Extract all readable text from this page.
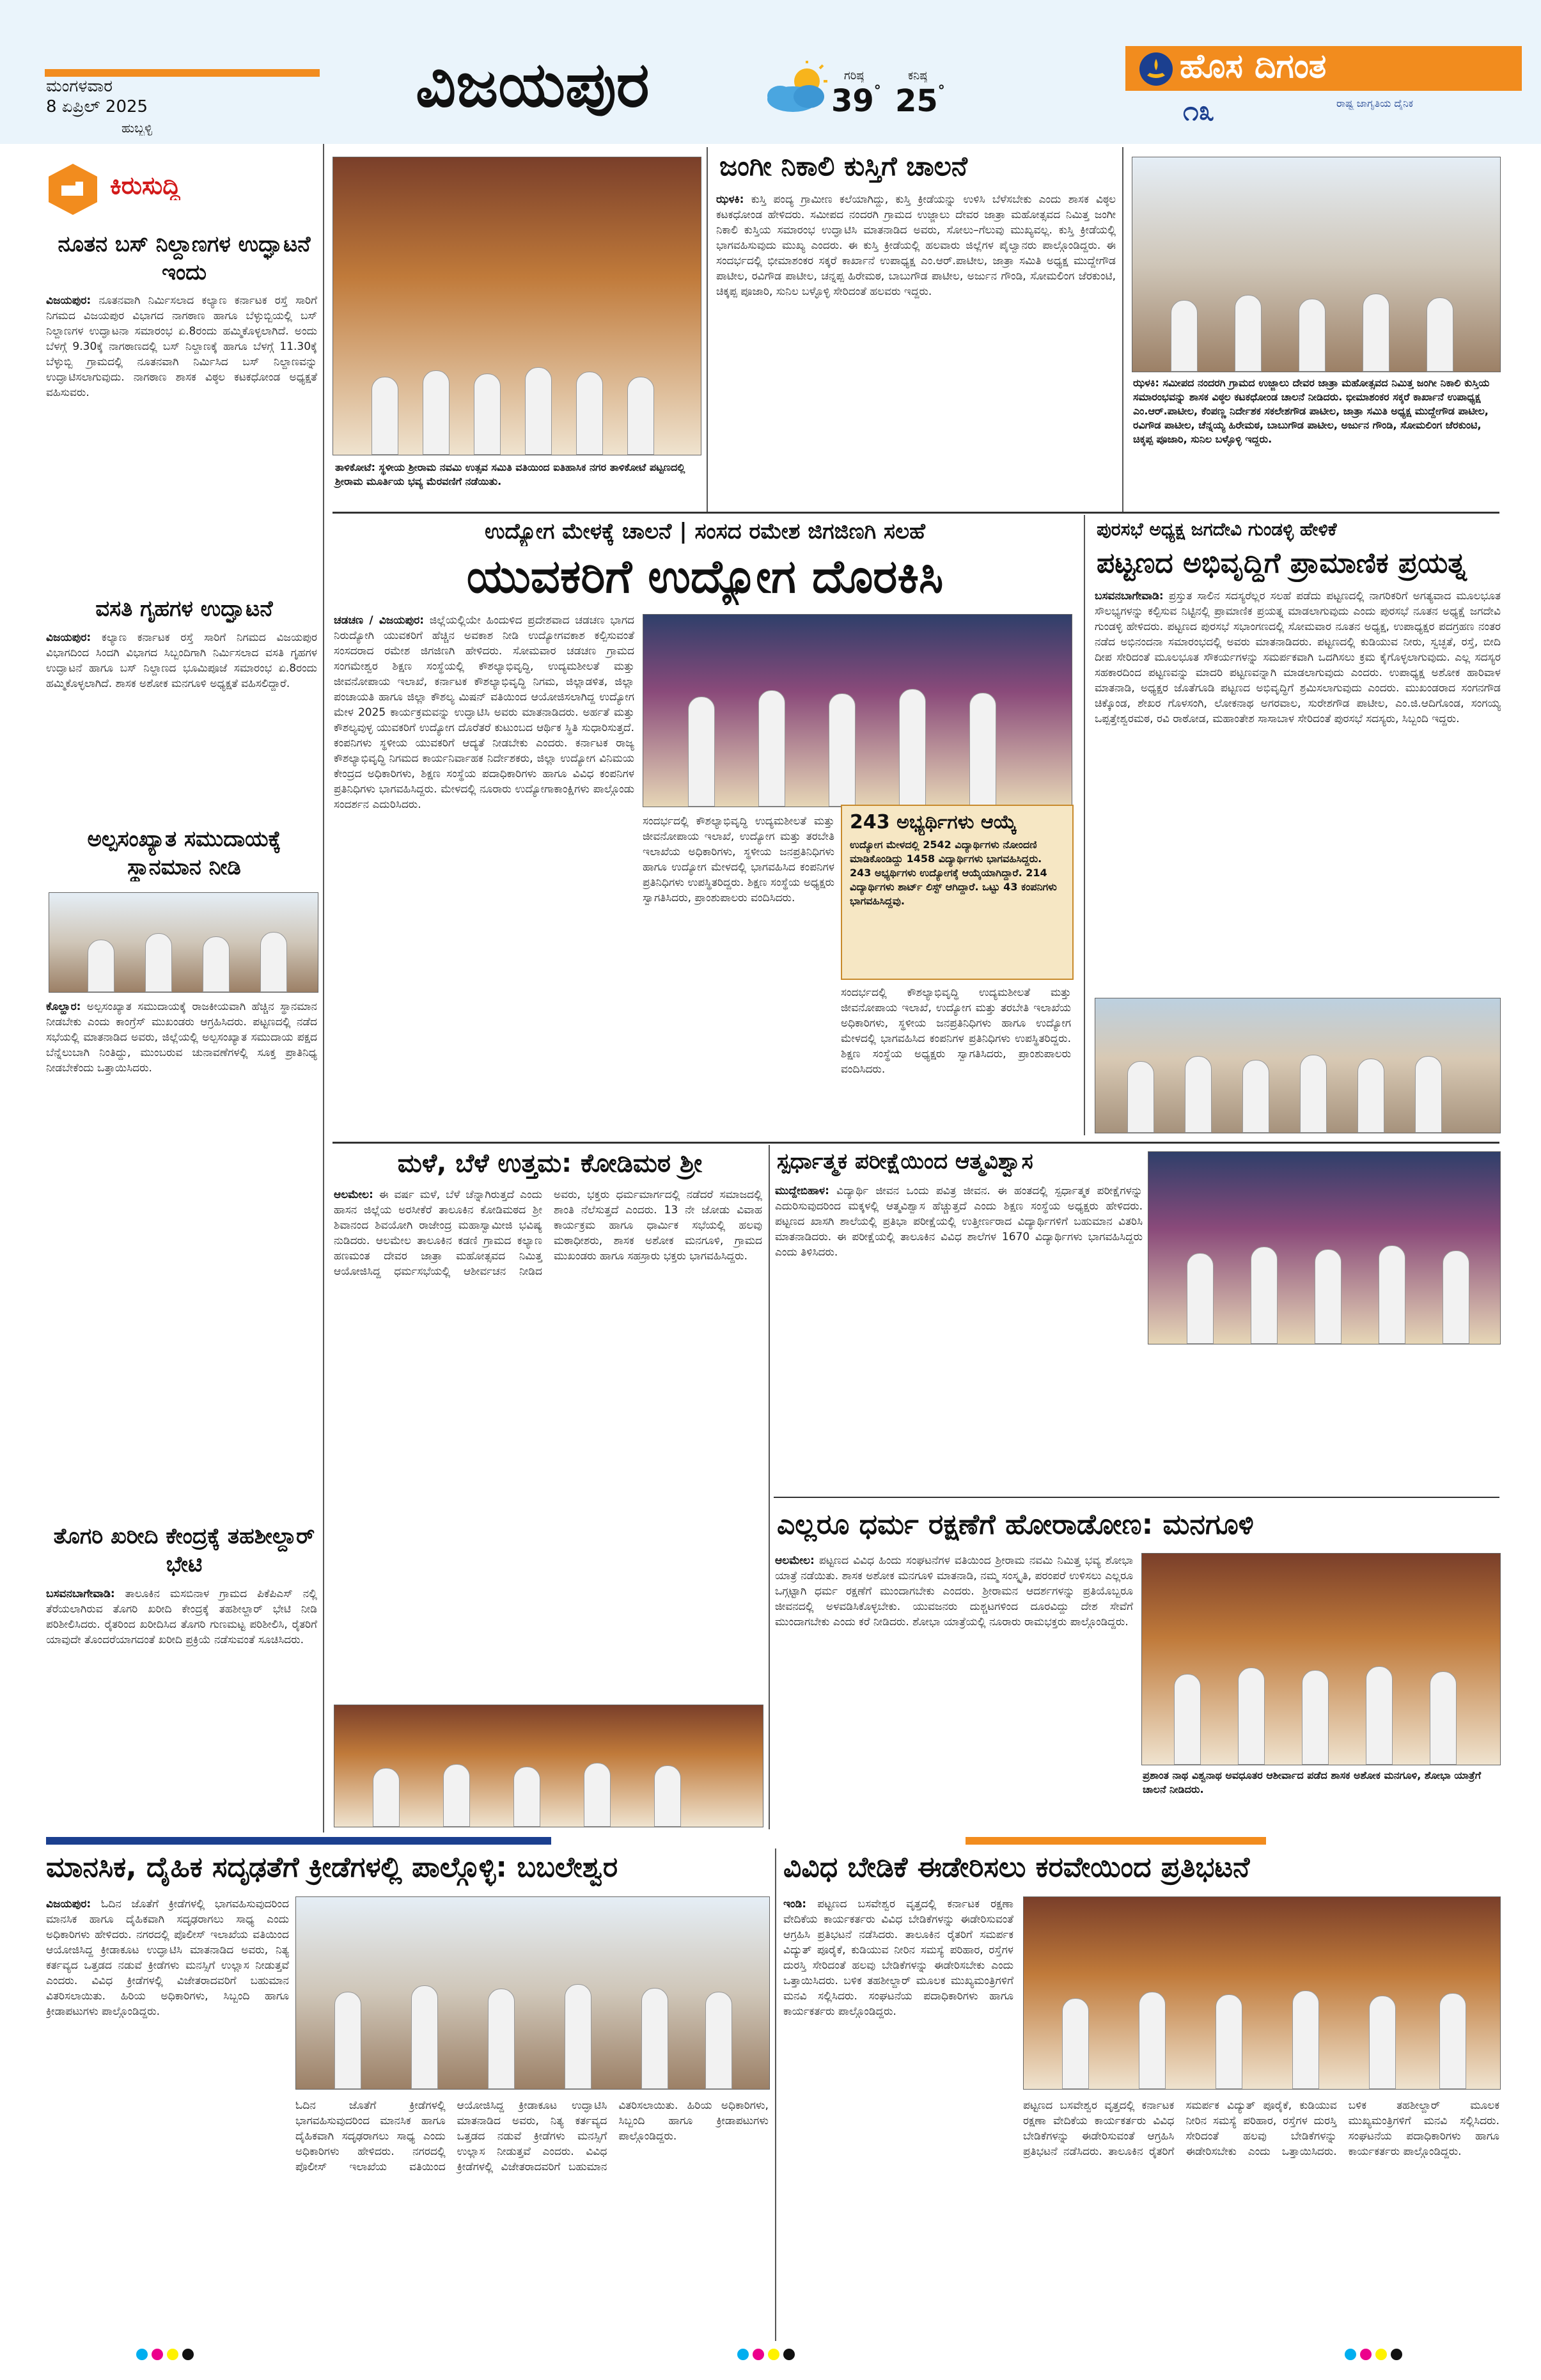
ಮಂಗಳವಾರ
8 ಏಪ್ರಿಲ್ 2025
ಹುಬ್ಬಳ್ಳಿ
ವಿಜಯಪುರ	ಗರಿಷ್ಠ
39°
ಕನಿಷ್ಠ
25°
ಹೊಸ ದಿಗಂತ
೧೩	ರಾಷ್ಟ್ರ ಜಾಗೃತಿಯ ದೈನಿಕ
ಕಿರುಸುದ್ದಿ
ನೂತನ ಬಸ್ ನಿಲ್ದಾಣಗಳ ಉದ್ಘಾಟನೆ ಇಂದು
ವಿಜಯಪುರ: ನೂತನವಾಗಿ ನಿರ್ಮಿಸಲಾದ ಕಲ್ಯಾಣ ಕರ್ನಾಟಕ ರಸ್ತೆ ಸಾರಿಗೆ ನಿಗಮದ ವಿಜಯಪುರ ವಿಭಾಗದ ನಾಗಠಾಣ ಹಾಗೂ ಬೆಳ್ಳುಬ್ಬಿಯಲ್ಲಿ ಬಸ್ ನಿಲ್ದಾಣಗಳ ಉದ್ಘಾಟನಾ ಸಮಾರಂಭ ಏ.8ರಂದು ಹಮ್ಮಿಕೊಳ್ಳಲಾಗಿದೆ. ಅಂದು ಬೆಳಗ್ಗೆ 9.30ಕ್ಕೆ ನಾಗಠಾಣದಲ್ಲಿ ಬಸ್ ನಿಲ್ದಾಣಕ್ಕೆ ಹಾಗೂ ಬೆಳಗ್ಗೆ 11.30ಕ್ಕೆ ಬೆಳ್ಳುಬ್ಬಿ ಗ್ರಾಮದಲ್ಲಿ ನೂತನವಾಗಿ ನಿರ್ಮಿಸಿದ ಬಸ್ ನಿಲ್ದಾಣವನ್ನು ಉದ್ಘಾಟಿಸಲಾಗುವುದು. ನಾಗಠಾಣ ಶಾಸಕ ವಿಠ್ಠಲ ಕಟಕಧೋಂಡ ಅಧ್ಯಕ್ಷತೆ ವಹಿಸುವರು.
ವಸತಿ ಗೃಹಗಳ ಉದ್ಘಾಟನೆ
ವಿಜಯಪುರ: ಕಲ್ಯಾಣ ಕರ್ನಾಟಕ ರಸ್ತೆ ಸಾರಿಗೆ ನಿಗಮದ ವಿಜಯಪುರ ವಿಭಾಗದಿಂದ ಸಿಂದಗಿ ವಿಭಾಗದ ಸಿಬ್ಬಂದಿಗಾಗಿ ನಿರ್ಮಿಸಲಾದ ವಸತಿ ಗೃಹಗಳ ಉದ್ಘಾಟನೆ ಹಾಗೂ ಬಸ್ ನಿಲ್ದಾಣದ ಭೂಮಿಪೂಜೆ ಸಮಾರಂಭ ಏ.8ರಂದು ಹಮ್ಮಿಕೊಳ್ಳಲಾಗಿದೆ. ಶಾಸಕ ಅಶೋಕ ಮನಗೂಳಿ ಅಧ್ಯಕ್ಷತೆ ವಹಿಸಲಿದ್ದಾರೆ.
ಅಲ್ಪಸಂಖ್ಯಾತ ಸಮುದಾಯಕ್ಕೆ ಸ್ಥಾನಮಾನ ನೀಡಿ
ಕೊಲ್ಹಾರ: ಅಲ್ಪಸಂಖ್ಯಾತ ಸಮುದಾಯಕ್ಕೆ ರಾಜಕೀಯವಾಗಿ ಹೆಚ್ಚಿನ ಸ್ಥಾನಮಾನ ನೀಡಬೇಕು ಎಂದು ಕಾಂಗ್ರೆಸ್ ಮುಖಂಡರು ಆಗ್ರಹಿಸಿದರು. ಪಟ್ಟಣದಲ್ಲಿ ನಡೆದ ಸಭೆಯಲ್ಲಿ ಮಾತನಾಡಿದ ಅವರು, ಜಿಲ್ಲೆಯಲ್ಲಿ ಅಲ್ಪಸಂಖ್ಯಾತ ಸಮುದಾಯ ಪಕ್ಷದ ಬೆನ್ನೆಲುಬಾಗಿ ನಿಂತಿದ್ದು, ಮುಂಬರುವ ಚುನಾವಣೆಗಳಲ್ಲಿ ಸೂಕ್ತ ಪ್ರಾತಿನಿಧ್ಯ ನೀಡಬೇಕೆಂದು ಒತ್ತಾಯಿಸಿದರು.
ತೊಗರಿ ಖರೀದಿ ಕೇಂದ್ರಕ್ಕೆ ತಹಶೀಲ್ದಾರ್ ಭೇಟಿ
ಬಸವನಬಾಗೇವಾಡಿ: ತಾಲೂಕಿನ ಮಸಬಿನಾಳ ಗ್ರಾಮದ ಪಿಕೆಪಿಎಸ್ ನಲ್ಲಿ ತೆರೆಯಲಾಗಿರುವ ತೊಗರಿ ಖರೀದಿ ಕೇಂದ್ರಕ್ಕೆ ತಹಶೀಲ್ದಾರ್ ಭೇಟಿ ನೀಡಿ ಪರಿಶೀಲಿಸಿದರು. ರೈತರಿಂದ ಖರೀದಿಸಿದ ತೊಗರಿ ಗುಣಮಟ್ಟ ಪರಿಶೀಲಿಸಿ, ರೈತರಿಗೆ ಯಾವುದೇ ತೊಂದರೆಯಾಗದಂತೆ ಖರೀದಿ ಪ್ರಕ್ರಿಯೆ ನಡೆಸುವಂತೆ ಸೂಚಿಸಿದರು.
ತಾಳಿಕೋಟೆ: ಸ್ಥಳೀಯ ಶ್ರೀರಾಮ ನವಮಿ ಉತ್ಸವ ಸಮಿತಿ ವತಿಯಿಂದ ಐತಿಹಾಸಿಕ ನಗರ ತಾಳಿಕೋಟೆ ಪಟ್ಟಣದಲ್ಲಿ ಶ್ರೀರಾಮ ಮೂರ್ತಿಯ ಭವ್ಯ ಮೆರವಣಿಗೆ ನಡೆಯಿತು.
ಜಂಗೀ ನಿಕಾಲಿ ಕುಸ್ತಿಗೆ ಚಾಲನೆ
ಝಳಕಿ: ಕುಸ್ತಿ ಪಂದ್ಯ ಗ್ರಾಮೀಣ ಕಲೆಯಾಗಿದ್ದು, ಕುಸ್ತಿ ಕ್ರೀಡೆಯನ್ನು ಉಳಿಸಿ ಬೆಳೆಸಬೇಕು ಎಂದು ಶಾಸಕ ವಿಠ್ಠಲ ಕಟಕಧೋಂಡ ಹೇಳಿದರು. ಸಮೀಪದ ನಂದರಗಿ ಗ್ರಾಮದ ಉಜ್ಜಾಲು ದೇವರ ಜಾತ್ರಾ ಮಹೋತ್ಸವದ ನಿಮಿತ್ತ ಜಂಗೀ ನಿಕಾಲಿ ಕುಸ್ತಿಯ ಸಮಾರಂಭ ಉದ್ಘಾಟಿಸಿ ಮಾತನಾಡಿದ ಅವರು, ಸೋಲು–ಗೆಲುವು ಮುಖ್ಯವಲ್ಲ. ಕುಸ್ತಿ ಕ್ರೀಡೆಯಲ್ಲಿ ಭಾಗವಹಿಸುವುದು ಮುಖ್ಯ ಎಂದರು. ಈ ಕುಸ್ತಿ ಕ್ರೀಡೆಯಲ್ಲಿ ಹಲವಾರು ಜಿಲ್ಲೆಗಳ ಪೈಲ್ವಾನರು ಪಾಲ್ಗೊಂಡಿದ್ದರು. ಈ ಸಂದರ್ಭದಲ್ಲಿ ಭೀಮಾಶಂಕರ ಸಕ್ಕರೆ ಕಾರ್ಖಾನೆ ಉಪಾಧ್ಯಕ್ಷ ಎಂ.ಆರ್.ಪಾಟೀಲ, ಜಾತ್ರಾ ಸಮಿತಿ ಅಧ್ಯಕ್ಷ ಮುದ್ದೇಗೌಡ ಪಾಟೀಲ, ರವಿಗೌಡ ಪಾಟೀಲ, ಚನ್ನಪ್ಪ ಹಿರೇಮಠ, ಬಾಬುಗೌಡ ಪಾಟೀಲ, ಅರ್ಜುನ ಗೌಂಡಿ, ಸೋಮಲಿಂಗ ಜೆರಕುಂಟಿ, ಚಿಕ್ಕಪ್ಪ ಪೂಜಾರಿ, ಸುನಿಲ ಬಳ್ಳೊಳ್ಳಿ ಸೇರಿದಂತೆ ಹಲವರು ಇದ್ದರು.
ಝಳಕಿ: ಸಮೀಪದ ನಂದರಗಿ ಗ್ರಾಮದ ಉಜ್ಜಾಲು ದೇವರ ಜಾತ್ರಾ ಮಹೋತ್ಸವದ ನಿಮಿತ್ತ ಜಂಗೀ ನಿಕಾಲಿ ಕುಸ್ತಿಯ ಸಮಾರಂಭವನ್ನು ಶಾಸಕ ವಿಠ್ಠಲ ಕಟಕಧೋಂಡ ಚಾಲನೆ ನೀಡಿದರು. ಭೀಮಾಶಂಕರ ಸಕ್ಕರೆ ಕಾರ್ಖಾನೆ ಉಪಾಧ್ಯಕ್ಷ ಎಂ.ಆರ್.ಪಾಟೀಲ, ಕೆಂಪಣ್ಣ ನಿರ್ದೇಶಕ ಸಕಲೇಶಗೌಡ ಪಾಟೀಲ, ಜಾತ್ರಾ ಸಮಿತಿ ಅಧ್ಯಕ್ಷ ಮುದ್ದೇಗೌಡ ಪಾಟೀಲ, ರವಿಗೌಡ ಪಾಟೀಲ, ಚೆನ್ನಯ್ಯ ಹಿರೇಮಠ, ಬಾಬುಗೌಡ ಪಾಟೀಲ, ಅರ್ಜುನ ಗೌಂಡಿ, ಸೋಮಲಿಂಗ ಜೆರಕುಂಟಿ, ಚಿಕ್ಕಪ್ಪ ಪೂಜಾರಿ, ಸುನಿಲ ಬಳ್ಳೊಳ್ಳಿ ಇದ್ದರು.
ಉದ್ಯೋಗ ಮೇಳಕ್ಕೆ ಚಾಲನೆ | ಸಂಸದ ರಮೇಶ ಜಿಗಜಿಣಗಿ ಸಲಹೆ
ಯುವಕರಿಗೆ ಉದ್ಯೋಗ ದೊರಕಿಸಿ
ಚಡಚಣ / ವಿಜಯಪುರ: ಜಿಲ್ಲೆಯಲ್ಲಿಯೇ ಹಿಂದುಳಿದ ಪ್ರದೇಶವಾದ ಚಡಚಣ ಭಾಗದ ನಿರುದ್ಯೋಗಿ ಯುವಕರಿಗೆ ಹೆಚ್ಚಿನ ಅವಕಾಶ ನೀಡಿ ಉದ್ಯೋಗವಕಾಶ ಕಲ್ಪಿಸುವಂತೆ ಸಂಸದರಾದ ರಮೇಶ ಜಿಗಜಿಣಗಿ ಹೇಳಿದರು. ಸೋಮವಾರ ಚಡಚಣ ಗ್ರಾಮದ ಸಂಗಮೇಶ್ವರ ಶಿಕ್ಷಣ ಸಂಸ್ಥೆಯಲ್ಲಿ ಕೌಶಲ್ಯಾಭಿವೃದ್ಧಿ, ಉದ್ಯಮಶೀಲತೆ ಮತ್ತು ಜೀವನೋಪಾಯ ಇಲಾಖೆ, ಕರ್ನಾಟಕ ಕೌಶಲ್ಯಾಭಿವೃದ್ಧಿ ನಿಗಮ, ಜಿಲ್ಲಾಡಳಿತ, ಜಿಲ್ಲಾ ಪಂಚಾಯತಿ ಹಾಗೂ ಜಿಲ್ಲಾ ಕೌಶಲ್ಯ ಮಿಷನ್ ವತಿಯಿಂದ ಆಯೋಜಿಸಲಾಗಿದ್ದ ಉದ್ಯೋಗ ಮೇಳ 2025 ಕಾರ್ಯಕ್ರಮವನ್ನು ಉದ್ಘಾಟಿಸಿ ಅವರು ಮಾತನಾಡಿದರು. ಅರ್ಹತೆ ಮತ್ತು ಕೌಶಲ್ಯವುಳ್ಳ ಯುವಕರಿಗೆ ಉದ್ಯೋಗ ದೊರೆತರೆ ಕುಟುಂಬದ ಆರ್ಥಿಕ ಸ್ಥಿತಿ ಸುಧಾರಿಸುತ್ತದೆ. ಕಂಪನಿಗಳು ಸ್ಥಳೀಯ ಯುವಕರಿಗೆ ಆದ್ಯತೆ ನೀಡಬೇಕು ಎಂದರು. ಕರ್ನಾಟಕ ರಾಜ್ಯ ಕೌಶಲ್ಯಾಭಿವೃದ್ಧಿ ನಿಗಮದ ಕಾರ್ಯನಿರ್ವಾಹಕ ನಿರ್ದೇಶಕರು, ಜಿಲ್ಲಾ ಉದ್ಯೋಗ ವಿನಿಮಯ ಕೇಂದ್ರದ ಅಧಿಕಾರಿಗಳು, ಶಿಕ್ಷಣ ಸಂಸ್ಥೆಯ ಪದಾಧಿಕಾರಿಗಳು ಹಾಗೂ ವಿವಿಧ ಕಂಪನಿಗಳ ಪ್ರತಿನಿಧಿಗಳು ಭಾಗವಹಿಸಿದ್ದರು. ಮೇಳದಲ್ಲಿ ನೂರಾರು ಉದ್ಯೋಗಾಕಾಂಕ್ಷಿಗಳು ಪಾಲ್ಗೊಂಡು ಸಂದರ್ಶನ ಎದುರಿಸಿದರು.
ಸಂದರ್ಭದಲ್ಲಿ ಕೌಶಲ್ಯಾಭಿವೃದ್ಧಿ ಉದ್ಯಮಶೀಲತೆ ಮತ್ತು ಜೀವನೋಪಾಯ ಇಲಾಖೆ, ಉದ್ಯೋಗ ಮತ್ತು ತರಬೇತಿ ಇಲಾಖೆಯ ಅಧಿಕಾರಿಗಳು, ಸ್ಥಳೀಯ ಜನಪ್ರತಿನಿಧಿಗಳು ಹಾಗೂ ಉದ್ಯೋಗ ಮೇಳದಲ್ಲಿ ಭಾಗವಹಿಸಿದ ಕಂಪನಿಗಳ ಪ್ರತಿನಿಧಿಗಳು ಉಪಸ್ಥಿತರಿದ್ದರು. ಶಿಕ್ಷಣ ಸಂಸ್ಥೆಯ ಅಧ್ಯಕ್ಷರು ಸ್ವಾಗತಿಸಿದರು, ಪ್ರಾಂಶುಪಾಲರು ವಂದಿಸಿದರು.
243 ಅಭ್ಯರ್ಥಿಗಳು ಆಯ್ಕೆ
ಉದ್ಯೋಗ ಮೇಳದಲ್ಲಿ 2542 ವಿದ್ಯಾರ್ಥಿಗಳು ನೋಂದಣಿ ಮಾಡಿಕೊಂಡಿದ್ದು 1458 ವಿದ್ಯಾರ್ಥಿಗಳು ಭಾಗವಹಿಸಿದ್ದರು. 243 ಅಭ್ಯರ್ಥಿಗಳು ಉದ್ಯೋಗಕ್ಕೆ ಆಯ್ಕೆಯಾಗಿದ್ದಾರೆ. 214 ವಿದ್ಯಾರ್ಥಿಗಳು ಶಾರ್ಟ್ ಲಿಸ್ಟ್ ಆಗಿದ್ದಾರೆ. ಒಟ್ಟು 43 ಕಂಪನಿಗಳು ಭಾಗವಹಿಸಿದ್ದವು.
ಸಂದರ್ಭದಲ್ಲಿ ಕೌಶಲ್ಯಾಭಿವೃದ್ಧಿ ಉದ್ಯಮಶೀಲತೆ ಮತ್ತು ಜೀವನೋಪಾಯ ಇಲಾಖೆ, ಉದ್ಯೋಗ ಮತ್ತು ತರಬೇತಿ ಇಲಾಖೆಯ ಅಧಿಕಾರಿಗಳು, ಸ್ಥಳೀಯ ಜನಪ್ರತಿನಿಧಿಗಳು ಹಾಗೂ ಉದ್ಯೋಗ ಮೇಳದಲ್ಲಿ ಭಾಗವಹಿಸಿದ ಕಂಪನಿಗಳ ಪ್ರತಿನಿಧಿಗಳು ಉಪಸ್ಥಿತರಿದ್ದರು. ಶಿಕ್ಷಣ ಸಂಸ್ಥೆಯ ಅಧ್ಯಕ್ಷರು ಸ್ವಾಗತಿಸಿದರು, ಪ್ರಾಂಶುಪಾಲರು ವಂದಿಸಿದರು.
ಪುರಸಭೆ ಅಧ್ಯಕ್ಷ ಜಗದೇವಿ ಗುಂಡಳ್ಳಿ ಹೇಳಿಕೆ
ಪಟ್ಟಣದ ಅಭಿವೃದ್ಧಿಗೆ ಪ್ರಾಮಾಣಿಕ ಪ್ರಯತ್ನ
ಬಸವನಬಾಗೇವಾಡಿ: ಪ್ರಸ್ತುತ ಸಾಲಿನ ಸದಸ್ಯರೆಲ್ಲರ ಸಲಹೆ ಪಡೆದು ಪಟ್ಟಣದಲ್ಲಿ ನಾಗರಿಕರಿಗೆ ಅಗತ್ಯವಾದ ಮೂಲಭೂತ ಸೌಲಭ್ಯಗಳನ್ನು ಕಲ್ಪಿಸುವ ನಿಟ್ಟಿನಲ್ಲಿ ಪ್ರಾಮಾಣಿಕ ಪ್ರಯತ್ನ ಮಾಡಲಾಗುವುದು ಎಂದು ಪುರಸಭೆ ನೂತನ ಅಧ್ಯಕ್ಷೆ ಜಗದೇವಿ ಗುಂಡಳ್ಳಿ ಹೇಳಿದರು. ಪಟ್ಟಣದ ಪುರಸಭೆ ಸಭಾಂಗಣದಲ್ಲಿ ಸೋಮವಾರ ನೂತನ ಅಧ್ಯಕ್ಷ, ಉಪಾಧ್ಯಕ್ಷರ ಪದಗ್ರಹಣ ನಂತರ ನಡೆದ ಅಭಿನಂದನಾ ಸಮಾರಂಭದಲ್ಲಿ ಅವರು ಮಾತನಾಡಿದರು. ಪಟ್ಟಣದಲ್ಲಿ ಕುಡಿಯುವ ನೀರು, ಸ್ವಚ್ಛತೆ, ರಸ್ತೆ, ಬೀದಿ ದೀಪ ಸೇರಿದಂತೆ ಮೂಲಭೂತ ಸೌಕರ್ಯಗಳನ್ನು ಸಮರ್ಪಕವಾಗಿ ಒದಗಿಸಲು ಕ್ರಮ ಕೈಗೊಳ್ಳಲಾಗುವುದು. ಎಲ್ಲ ಸದಸ್ಯರ ಸಹಕಾರದಿಂದ ಪಟ್ಟಣವನ್ನು ಮಾದರಿ ಪಟ್ಟಣವನ್ನಾಗಿ ಮಾಡಲಾಗುವುದು ಎಂದರು. ಉಪಾಧ್ಯಕ್ಷ ಅಶೋಕ ಹಾರಿವಾಳ ಮಾತನಾಡಿ, ಅಧ್ಯಕ್ಷರ ಜೊತೆಗೂಡಿ ಪಟ್ಟಣದ ಅಭಿವೃದ್ಧಿಗೆ ಶ್ರಮಿಸಲಾಗುವುದು ಎಂದರು. ಮುಖಂಡರಾದ ಸಂಗನಗೌಡ ಚಿಕ್ಕೊಂಡ, ಶೇಖರ ಗೊಳಸಂಗಿ, ಲೋಕನಾಥ ಅಗರವಾಲ, ಸುರೇಶಗೌಡ ಪಾಟೀಲ, ಎಂ.ಜಿ.ಆದಿಗೊಂಡ, ಸಂಗಯ್ಯ ಒಪ್ಪತ್ತೇಶ್ವರಮಠ, ರವಿ ರಾಠೋಡ, ಮಹಾಂತೇಶ ಸಾಸಾಬಾಳ ಸೇರಿದಂತೆ ಪುರಸಭೆ ಸದಸ್ಯರು, ಸಿಬ್ಬಂದಿ ಇದ್ದರು.
ಮಳೆ, ಬೆಳೆ ಉತ್ತಮ: ಕೋಡಿಮಠ ಶ್ರೀ
ಆಲಮೇಲ: ಈ ವರ್ಷ ಮಳೆ, ಬೆಳೆ ಚೆನ್ನಾಗಿರುತ್ತದೆ ಎಂದು ಹಾಸನ ಜಿಲ್ಲೆಯ ಅರಸೀಕೆರೆ ತಾಲೂಕಿನ ಕೋಡಿಮಠದ ಶ್ರೀ ಶಿವಾನಂದ ಶಿವಯೋಗಿ ರಾಜೇಂದ್ರ ಮಹಾಸ್ವಾಮೀಜಿ ಭವಿಷ್ಯ ನುಡಿದರು. ಆಲಮೇಲ ತಾಲೂಕಿನ ಕಡಣಿ ಗ್ರಾಮದ ಕಲ್ಯಾಣ ಹಣಮಂತ ದೇವರ ಜಾತ್ರಾ ಮಹೋತ್ಸವದ ನಿಮಿತ್ತ ಆಯೋಜಿಸಿದ್ದ ಧರ್ಮಸಭೆಯಲ್ಲಿ ಆಶೀರ್ವಚನ ನೀಡಿದ ಅವರು, ಭಕ್ತರು ಧರ್ಮಮಾರ್ಗದಲ್ಲಿ ನಡೆದರೆ ಸಮಾಜದಲ್ಲಿ ಶಾಂತಿ ನೆಲೆಸುತ್ತದೆ ಎಂದರು. 13 ನೇ ಜೋಡು ವಿವಾಹ ಕಾರ್ಯಕ್ರಮ ಹಾಗೂ ಧಾರ್ಮಿಕ ಸಭೆಯಲ್ಲಿ ಹಲವು ಮಠಾಧೀಶರು, ಶಾಸಕ ಅಶೋಕ ಮನಗೂಳಿ, ಗ್ರಾಮದ ಮುಖಂಡರು ಹಾಗೂ ಸಹಸ್ರಾರು ಭಕ್ತರು ಭಾಗವಹಿಸಿದ್ದರು.
ಸ್ಪರ್ಧಾತ್ಮಕ ಪರೀಕ್ಷೆಯಿಂದ ಆತ್ಮವಿಶ್ವಾಸ
ಮುದ್ದೇಬಿಹಾಳ: ವಿದ್ಯಾರ್ಥಿ ಜೀವನ ಒಂದು ಪವಿತ್ರ ಜೀವನ. ಈ ಹಂತದಲ್ಲಿ ಸ್ಪರ್ಧಾತ್ಮಕ ಪರೀಕ್ಷೆಗಳನ್ನು ಎದುರಿಸುವುದರಿಂದ ಮಕ್ಕಳಲ್ಲಿ ಆತ್ಮವಿಶ್ವಾಸ ಹೆಚ್ಚುತ್ತದೆ ಎಂದು ಶಿಕ್ಷಣ ಸಂಸ್ಥೆಯ ಅಧ್ಯಕ್ಷರು ಹೇಳಿದರು. ಪಟ್ಟಣದ ಖಾಸಗಿ ಶಾಲೆಯಲ್ಲಿ ಪ್ರತಿಭಾ ಪರೀಕ್ಷೆಯಲ್ಲಿ ಉತ್ತೀರ್ಣರಾದ ವಿದ್ಯಾರ್ಥಿಗಳಿಗೆ ಬಹುಮಾನ ವಿತರಿಸಿ ಮಾತನಾಡಿದರು. ಈ ಪರೀಕ್ಷೆಯಲ್ಲಿ ತಾಲೂಕಿನ ವಿವಿಧ ಶಾಲೆಗಳ 1670 ವಿದ್ಯಾರ್ಥಿಗಳು ಭಾಗವಹಿಸಿದ್ದರು ಎಂದು ತಿಳಿಸಿದರು.
ಎಲ್ಲರೂ ಧರ್ಮ ರಕ್ಷಣೆಗೆ ಹೋರಾಡೋಣ: ಮನಗೂಳಿ
ಆಲಮೇಲ: ಪಟ್ಟಣದ ವಿವಿಧ ಹಿಂದು ಸಂಘಟನೆಗಳ ವತಿಯಿಂದ ಶ್ರೀರಾಮ ನವಮಿ ನಿಮಿತ್ತ ಭವ್ಯ ಶೋಭಾ ಯಾತ್ರೆ ನಡೆಯಿತು. ಶಾಸಕ ಅಶೋಕ ಮನಗೂಳಿ ಮಾತನಾಡಿ, ನಮ್ಮ ಸಂಸ್ಕೃತಿ, ಪರಂಪರೆ ಉಳಿಸಲು ಎಲ್ಲರೂ ಒಗ್ಗಟ್ಟಾಗಿ ಧರ್ಮ ರಕ್ಷಣೆಗೆ ಮುಂದಾಗಬೇಕು ಎಂದರು. ಶ್ರೀರಾಮನ ಆದರ್ಶಗಳನ್ನು ಪ್ರತಿಯೊಬ್ಬರೂ ಜೀವನದಲ್ಲಿ ಅಳವಡಿಸಿಕೊಳ್ಳಬೇಕು. ಯುವಜನರು ದುಶ್ಚಟಗಳಿಂದ ದೂರವಿದ್ದು ದೇಶ ಸೇವೆಗೆ ಮುಂದಾಗಬೇಕು ಎಂದು ಕರೆ ನೀಡಿದರು. ಶೋಭಾ ಯಾತ್ರೆಯಲ್ಲಿ ನೂರಾರು ರಾಮಭಕ್ತರು ಪಾಲ್ಗೊಂಡಿದ್ದರು.
ಪ್ರಶಾಂತ ನಾಥ ವಿಶ್ವನಾಥ ಅವಧೂತರ ಆಶೀರ್ವಾದ ಪಡೆದ ಶಾಸಕ ಅಶೋಕ ಮನಗೂಳಿ, ಶೋಭಾ ಯಾತ್ರೆಗೆ ಚಾಲನೆ ನೀಡಿದರು.
ಮಾನಸಿಕ, ದೈಹಿಕ ಸದೃಢತೆಗೆ ಕ್ರೀಡೆಗಳಲ್ಲಿ ಪಾಲ್ಗೊಳ್ಳಿ: ಬಬಲೇಶ್ವರ
ವಿಜಯಪುರ: ಓದಿನ ಜೊತೆಗೆ ಕ್ರೀಡೆಗಳಲ್ಲಿ ಭಾಗವಹಿಸುವುದರಿಂದ ಮಾನಸಿಕ ಹಾಗೂ ದೈಹಿಕವಾಗಿ ಸದೃಢರಾಗಲು ಸಾಧ್ಯ ಎಂದು ಅಧಿಕಾರಿಗಳು ಹೇಳಿದರು. ನಗರದಲ್ಲಿ ಪೊಲೀಸ್ ಇಲಾಖೆಯ ವತಿಯಿಂದ ಆಯೋಜಿಸಿದ್ದ ಕ್ರೀಡಾಕೂಟ ಉದ್ಘಾಟಿಸಿ ಮಾತನಾಡಿದ ಅವರು, ನಿತ್ಯ ಕರ್ತವ್ಯದ ಒತ್ತಡದ ನಡುವೆ ಕ್ರೀಡೆಗಳು ಮನಸ್ಸಿಗೆ ಉಲ್ಲಾಸ ನೀಡುತ್ತವೆ ಎಂದರು. ವಿವಿಧ ಕ್ರೀಡೆಗಳಲ್ಲಿ ವಿಜೇತರಾದವರಿಗೆ ಬಹುಮಾನ ವಿತರಿಸಲಾಯಿತು. ಹಿರಿಯ ಅಧಿಕಾರಿಗಳು, ಸಿಬ್ಬಂದಿ ಹಾಗೂ ಕ್ರೀಡಾಪಟುಗಳು ಪಾಲ್ಗೊಂಡಿದ್ದರು.
ಓದಿನ ಜೊತೆಗೆ ಕ್ರೀಡೆಗಳಲ್ಲಿ ಭಾಗವಹಿಸುವುದರಿಂದ ಮಾನಸಿಕ ಹಾಗೂ ದೈಹಿಕವಾಗಿ ಸದೃಢರಾಗಲು ಸಾಧ್ಯ ಎಂದು ಅಧಿಕಾರಿಗಳು ಹೇಳಿದರು. ನಗರದಲ್ಲಿ ಪೊಲೀಸ್ ಇಲಾಖೆಯ ವತಿಯಿಂದ ಆಯೋಜಿಸಿದ್ದ ಕ್ರೀಡಾಕೂಟ ಉದ್ಘಾಟಿಸಿ ಮಾತನಾಡಿದ ಅವರು, ನಿತ್ಯ ಕರ್ತವ್ಯದ ಒತ್ತಡದ ನಡುವೆ ಕ್ರೀಡೆಗಳು ಮನಸ್ಸಿಗೆ ಉಲ್ಲಾಸ ನೀಡುತ್ತವೆ ಎಂದರು. ವಿವಿಧ ಕ್ರೀಡೆಗಳಲ್ಲಿ ವಿಜೇತರಾದವರಿಗೆ ಬಹುಮಾನ ವಿತರಿಸಲಾಯಿತು. ಹಿರಿಯ ಅಧಿಕಾರಿಗಳು, ಸಿಬ್ಬಂದಿ ಹಾಗೂ ಕ್ರೀಡಾಪಟುಗಳು ಪಾಲ್ಗೊಂಡಿದ್ದರು.
ವಿವಿಧ ಬೇಡಿಕೆ ಈಡೇರಿಸಲು ಕರವೇಯಿಂದ ಪ್ರತಿಭಟನೆ
ಇಂಡಿ: ಪಟ್ಟಣದ ಬಸವೇಶ್ವರ ವೃತ್ತದಲ್ಲಿ ಕರ್ನಾಟಕ ರಕ್ಷಣಾ ವೇದಿಕೆಯ ಕಾರ್ಯಕರ್ತರು ವಿವಿಧ ಬೇಡಿಕೆಗಳನ್ನು ಈಡೇರಿಸುವಂತೆ ಆಗ್ರಹಿಸಿ ಪ್ರತಿಭಟನೆ ನಡೆಸಿದರು. ತಾಲೂಕಿನ ರೈತರಿಗೆ ಸಮರ್ಪಕ ವಿದ್ಯುತ್ ಪೂರೈಕೆ, ಕುಡಿಯುವ ನೀರಿನ ಸಮಸ್ಯೆ ಪರಿಹಾರ, ರಸ್ತೆಗಳ ದುರಸ್ತಿ ಸೇರಿದಂತೆ ಹಲವು ಬೇಡಿಕೆಗಳನ್ನು ಈಡೇರಿಸಬೇಕು ಎಂದು ಒತ್ತಾಯಿಸಿದರು. ಬಳಿಕ ತಹಶೀಲ್ದಾರ್ ಮೂಲಕ ಮುಖ್ಯಮಂತ್ರಿಗಳಿಗೆ ಮನವಿ ಸಲ್ಲಿಸಿದರು. ಸಂಘಟನೆಯ ಪದಾಧಿಕಾರಿಗಳು ಹಾಗೂ ಕಾರ್ಯಕರ್ತರು ಪಾಲ್ಗೊಂಡಿದ್ದರು.
ಪಟ್ಟಣದ ಬಸವೇಶ್ವರ ವೃತ್ತದಲ್ಲಿ ಕರ್ನಾಟಕ ರಕ್ಷಣಾ ವೇದಿಕೆಯ ಕಾರ್ಯಕರ್ತರು ವಿವಿಧ ಬೇಡಿಕೆಗಳನ್ನು ಈಡೇರಿಸುವಂತೆ ಆಗ್ರಹಿಸಿ ಪ್ರತಿಭಟನೆ ನಡೆಸಿದರು. ತಾಲೂಕಿನ ರೈತರಿಗೆ ಸಮರ್ಪಕ ವಿದ್ಯುತ್ ಪೂರೈಕೆ, ಕುಡಿಯುವ ನೀರಿನ ಸಮಸ್ಯೆ ಪರಿಹಾರ, ರಸ್ತೆಗಳ ದುರಸ್ತಿ ಸೇರಿದಂತೆ ಹಲವು ಬೇಡಿಕೆಗಳನ್ನು ಈಡೇರಿಸಬೇಕು ಎಂದು ಒತ್ತಾಯಿಸಿದರು. ಬಳಿಕ ತಹಶೀಲ್ದಾರ್ ಮೂಲಕ ಮುಖ್ಯಮಂತ್ರಿಗಳಿಗೆ ಮನವಿ ಸಲ್ಲಿಸಿದರು. ಸಂಘಟನೆಯ ಪದಾಧಿಕಾರಿಗಳು ಹಾಗೂ ಕಾರ್ಯಕರ್ತರು ಪಾಲ್ಗೊಂಡಿದ್ದರು.
